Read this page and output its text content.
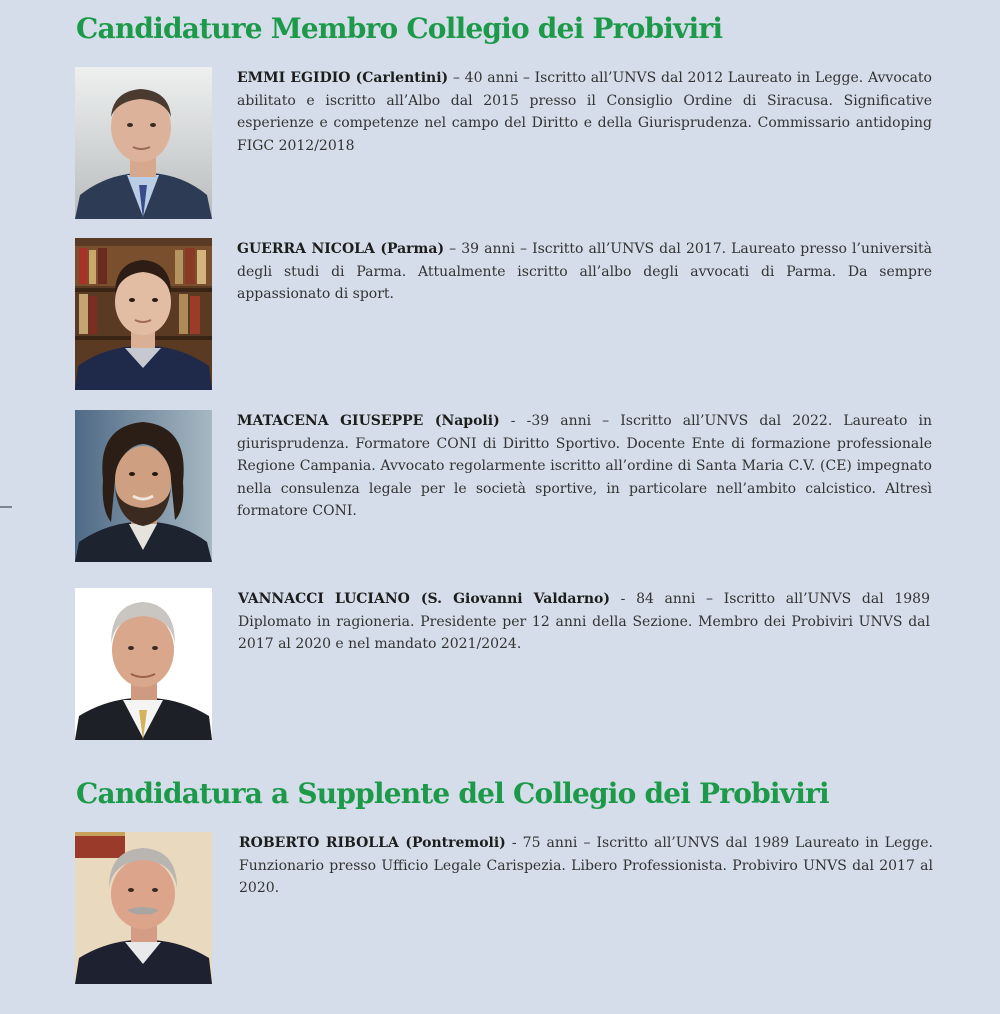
Candidature Membro Collegio dei Probiviri

EMMI EGIDIO (Carlentini) – 40 anni – Iscritto all’UNVS dal 2012 Laureato in Legge. Avvocato abilitato e iscritto all’Albo dal 2015 presso il Consiglio Ordine di Siracusa. Significative esperienze e competenze nel campo del Diritto e della Giurisprudenza. Commissario antidoping FIGC 2012/2018

GUERRA NICOLA (Parma) – 39 anni – Iscritto all’UNVS dal 2017. Laureato presso l’università degli studi di Parma. Attualmente iscritto all’albo degli avvocati di Parma. Da sempre appassionato di sport.

MATACENA GIUSEPPE (Napoli) - -39 anni – Iscritto all’UNVS dal 2022. Laureato in giurisprudenza. Formatore CONI di Diritto Sportivo. Docente Ente di formazione professionale Regione Campania. Avvocato regolarmente iscritto all’ordine di Santa Maria C.V. (CE) impegnato nella consulenza legale per le società sportive, in particolare nell’ambito calcistico. Altresì formatore CONI.

VANNACCI LUCIANO (S. Giovanni Valdarno) - 84 anni – Iscritto all’UNVS dal 1989 Diplomato in ragioneria. Presidente per 12 anni della Sezione. Membro dei Probiviri UNVS dal 2017 al 2020 e nel mandato 2021/2024.

Candidatura a Supplente del Collegio dei Probiviri

ROBERTO RIBOLLA (Pontremoli) - 75 anni – Iscritto all’UNVS dal 1989 Laureato in Legge. Funzionario presso Ufficio Legale Carispezia. Libero Professionista. Probiviro UNVS dal 2017 al 2020.
